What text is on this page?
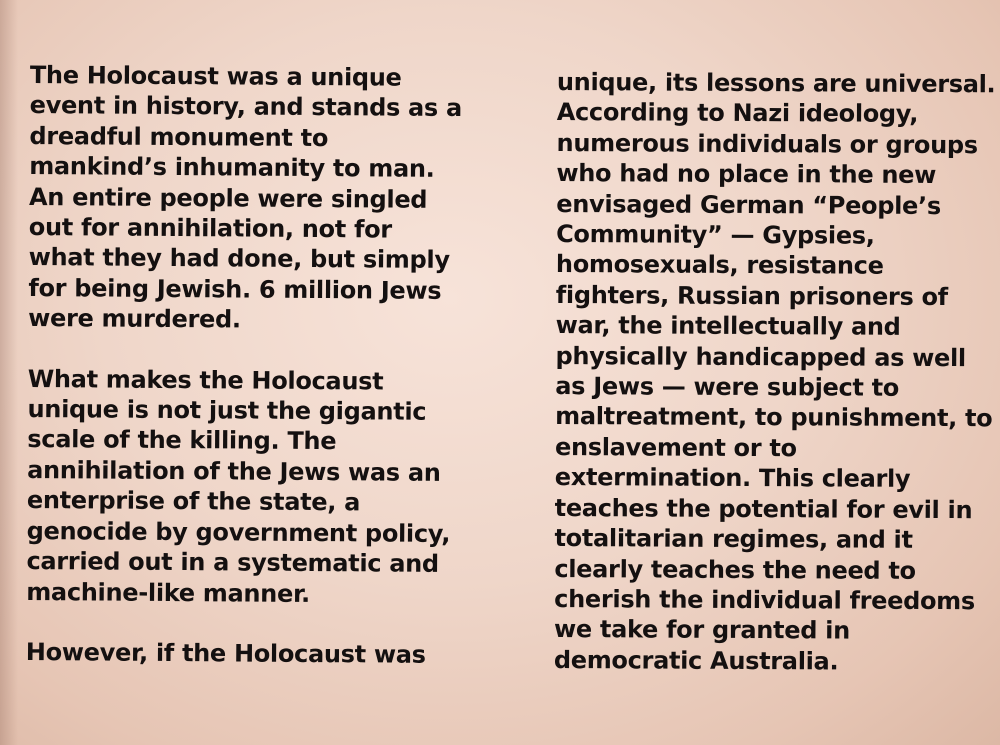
The Holocaust was a unique
event in history, and stands as a
dreadful monument to
mankind’s inhumanity to man.
An entire people were singled
out for annihilation, not for
what they had done, but simply
for being Jewish. 6 million Jews
were murdered.
What makes the Holocaust
unique is not just the gigantic
scale of the killing. The
annihilation of the Jews was an
enterprise of the state, a
genocide by government policy,
carried out in a systematic and
machine-like manner.
However, if the Holocaust was
unique, its lessons are universal.
According to Nazi ideology,
numerous individuals or groups
who had no place in the new
envisaged German “People’s
Community” — Gypsies,
homosexuals, resistance
fighters, Russian prisoners of
war, the intellectually and
physically handicapped as well
as Jews — were subject to
maltreatment, to punishment, to
enslavement or to
extermination. This clearly
teaches the potential for evil in
totalitarian regimes, and it
clearly teaches the need to
cherish the individual freedoms
we take for granted in
democratic Australia.
